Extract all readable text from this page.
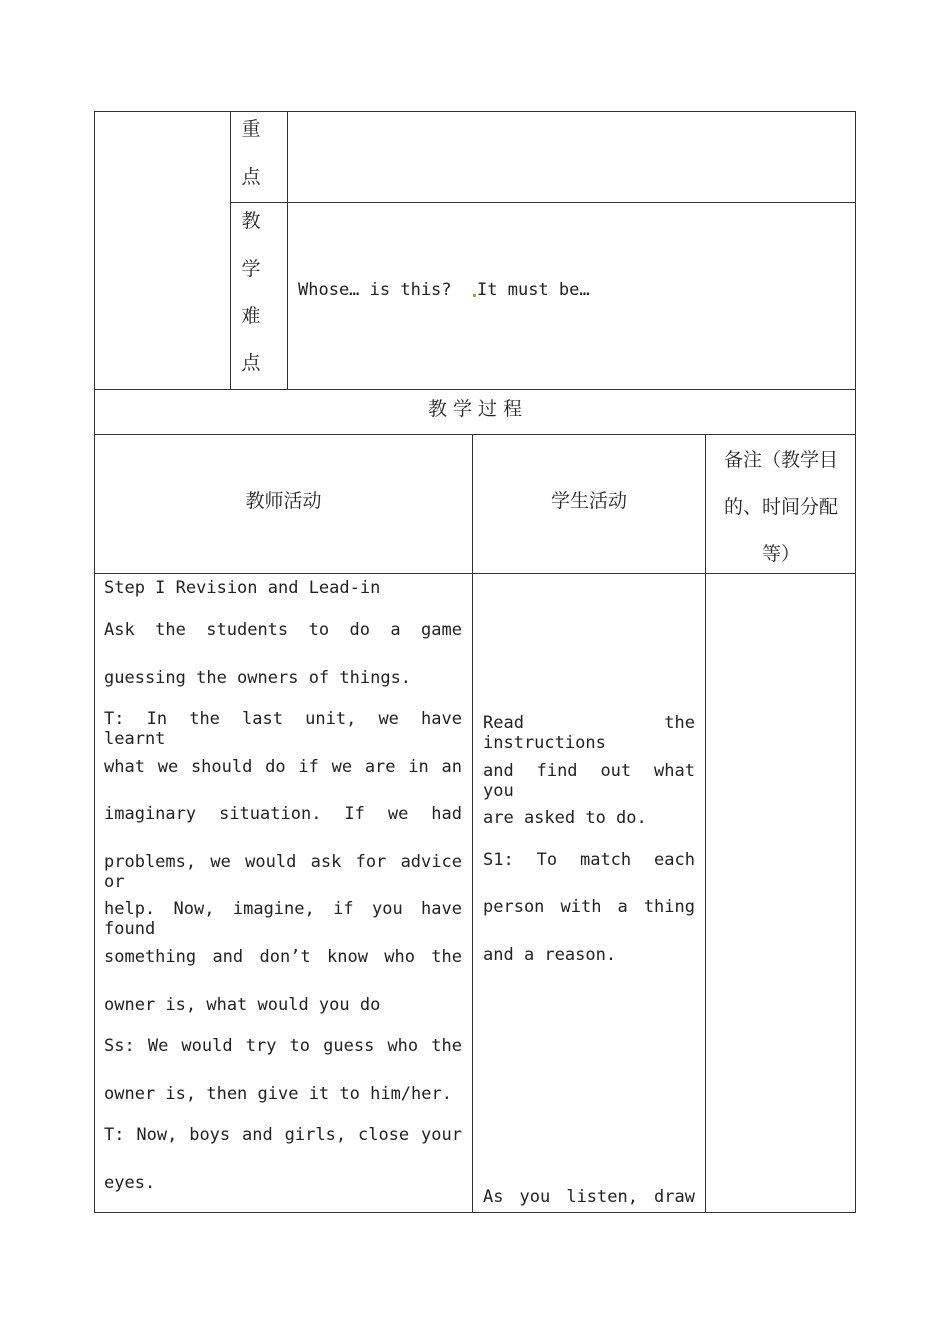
重
点
教
学
难
点
Whose… is this? It must be…
教 学 过 程
教师活动	学生活动
备注（教学目
的、时间分配
等）
Step I Revision and Lead-in
Ask the students to do a game
guessing the owners of things.
T: In the last unit, we have learnt
what we should do if we are in an
imaginary situation. If we had
problems, we would ask for advice or
help. Now, imagine, if you have found
something and don’t know who the
owner is, what would you do
Ss: We would try to guess who the
owner is, then give it to him/her.
T: Now, boys and girls, close your
eyes.
Read the instructions
and find out what you
are asked to do.
S1: To match each
person with a thing
and a reason.
As you listen, draw
